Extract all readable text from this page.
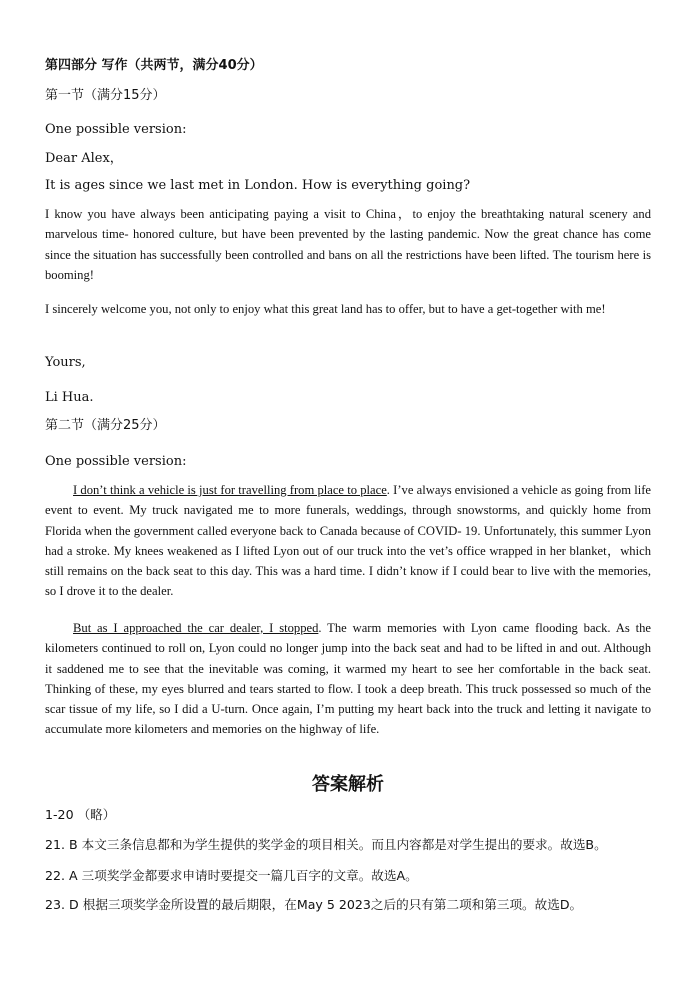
第四部分 写作（共两节，满分40分）
第一节（满分15分）
One possible version:
Dear Alex，
It is ages since we last met in London. How is everything going?
I know you have always been anticipating paying a visit to China，to enjoy the breathtaking natural scenery and marvelous time- honored culture, but have been prevented by the lasting pandemic. Now the great chance has come since the situation has successfully been controlled and bans on all the restrictions have been lifted. The tourism here is booming!
I sincerely welcome you, not only to enjoy what this great land has to offer, but to have a get-together with me!
Yours,
Li Hua.
第二节（满分25分）
One possible version:
I don’t think a vehicle is just for travelling from place to place. I’ve always envisioned a vehicle as going from life event to event. My truck navigated me to more funerals, weddings, through snowstorms, and quickly home from Florida when the government called everyone back to Canada because of COVID- 19. Unfortunately, this summer Lyon had a stroke. My knees weakened as I lifted Lyon out of our truck into the vet’s office wrapped in her blanket，which still remains on the back seat to this day. This was a hard time. I didn’t know if I could bear to live with the memories, so I drove it to the dealer.
But as I approached the car dealer, I stopped. The warm memories with Lyon came flooding back. As the kilometers continued to roll on, Lyon could no longer jump into the back seat and had to be lifted in and out. Although it saddened me to see that the inevitable was coming, it warmed my heart to see her comfortable in the back seat. Thinking of these, my eyes blurred and tears started to flow. I took a deep breath. This truck possessed so much of the scar tissue of my life, so I did a U-turn. Once again, I’m putting my heart back into the truck and letting it navigate to accumulate more kilometers and memories on the highway of life.
答案解析
1-20 （略）
21. B 本文三条信息都和为学生提供的奖学金的项目相关。而且内容都是对学生提出的要求。故选B。
22. A 三项奖学金都要求申请时要提交一篇几百字的文章。故选A。
23. D 根据三项奖学金所设置的最后期限，在May 5 2023之后的只有第二项和第三项。故选D。
